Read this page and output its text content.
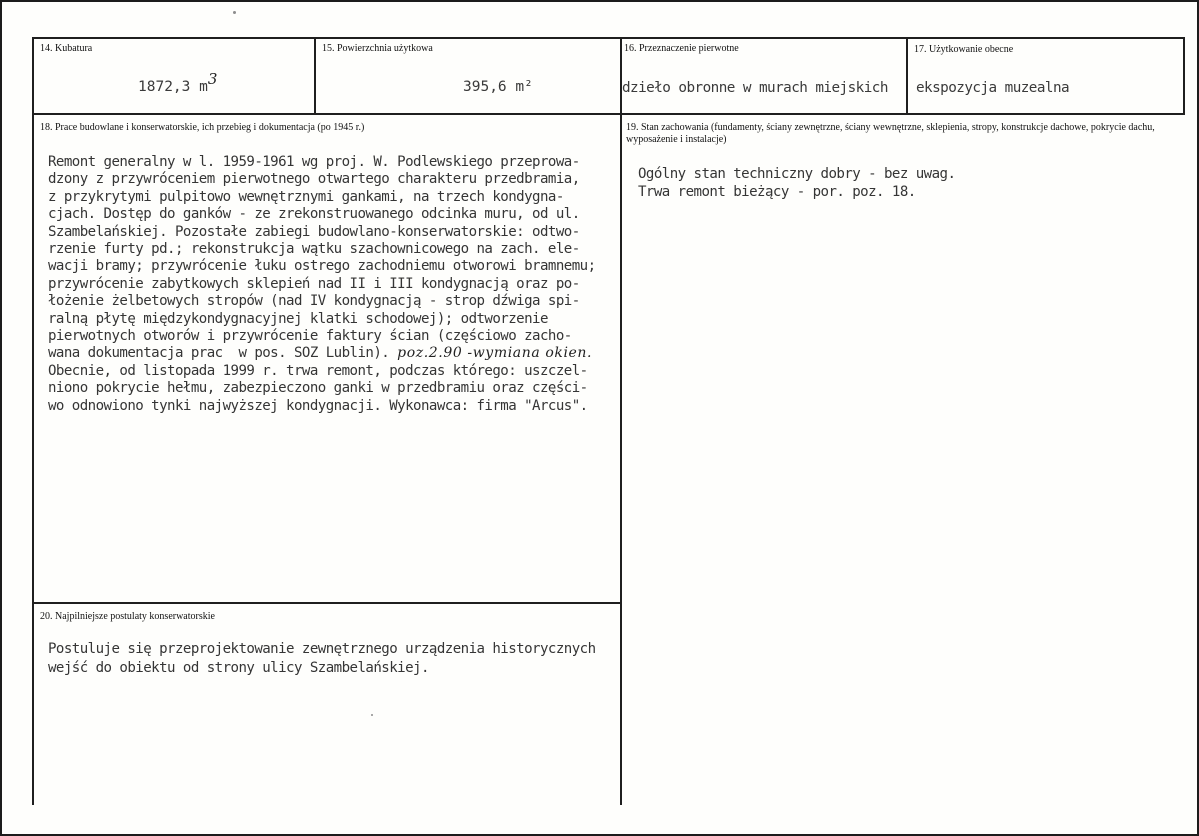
14. Kubatura
1872,3 m3
15. Powierzchnia użytkowa
395,6 m²
16. Przeznaczenie pierwotne
dzieło obronne w murach miejskich
17. Użytkowanie obecne
ekspozycja muzealna
18. Prace budowlane i konserwatorskie, ich przebieg i dokumentacja (po 1945 r.)
Remont generalny w l. 1959-1961 wg proj. W. Podlewskiego przeprowa-
dzony z przywróceniem pierwotnego otwartego charakteru przedbramia,
z przykrytymi pulpitowo wewnętrznymi gankami, na trzech kondygna-
cjach. Dostęp do ganków - ze zrekonstruowanego odcinka muru, od ul.
Szambelańskiej. Pozostałe zabiegi budowlano-konserwatorskie: odtwo-
rzenie furty pd.; rekonstrukcja wątku szachownicowego na zach. ele-
wacji bramy; przywrócenie łuku ostrego zachodniemu otworowi bramnemu;
przywrócenie zabytkowych sklepień nad II i III kondygnacją oraz po-
łożenie żelbetowych stropów (nad IV kondygnacją - strop dźwiga spi-
ralną płytę międzykondygnacyjnej klatki schodowej); odtworzenie
pierwotnych otworów i przywrócenie faktury ścian (częściowo zacho-
wana dokumentacja prac  w pos. SOZ Lublin). poz.2.90 -wymiana okien.
Obecnie, od listopada 1999 r. trwa remont, podczas którego: uszczel-
niono pokrycie hełmu, zabezpieczono ganki w przedbramiu oraz części-
wo odnowiono tynki najwyższej kondygnacji. Wykonawca: firma "Arcus".
19. Stan zachowania (fundamenty, ściany zewnętrzne, ściany wewnętrzne, sklepienia, stropy, konstrukcje dachowe, pokrycie dachu, wyposażenie i instalacje)
Ogólny stan techniczny dobry - bez uwag.
Trwa remont bieżący - por. poz. 18.
20. Najpilniejsze postulaty konserwatorskie
Postuluje się przeprojektowanie zewnętrznego urządzenia historycznych
wejść do obiektu od strony ulicy Szambelańskiej.
